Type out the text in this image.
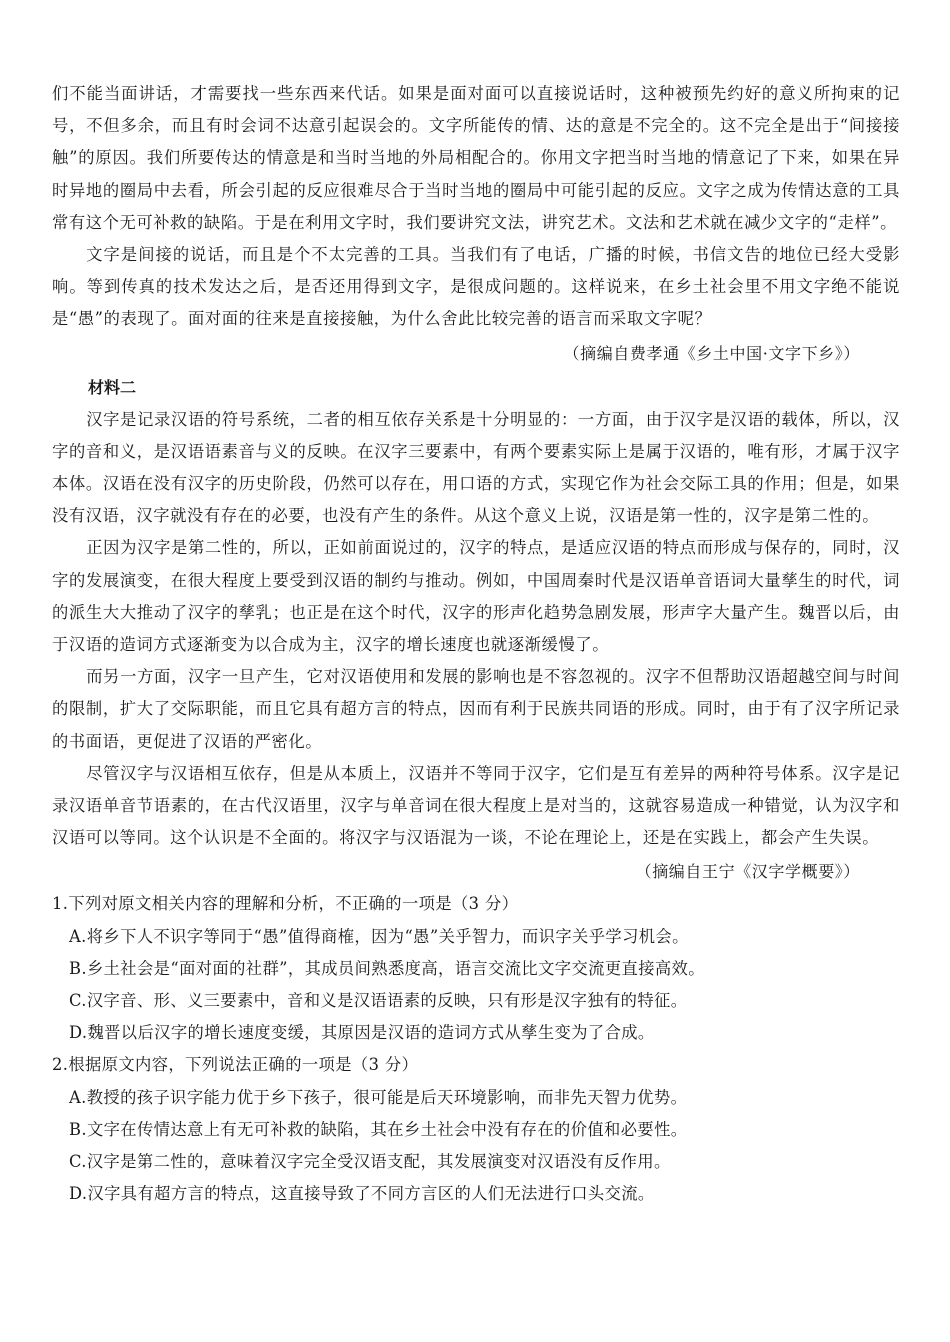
们不能当面讲话，才需要找一些东西来代话。如果是面对面可以直接说话时，这种被预先约好的意义所拘束的记号，不但多余，而且有时会词不达意引起误会的。文字所能传的情、达的意是不完全的。这不完全是出于“间接接触”的原因。我们所要传达的情意是和当时当地的外局相配合的。你用文字把当时当地的情意记了下来，如果在异时异地的圈局中去看，所会引起的反应很难尽合于当时当地的圈局中可能引起的反应。文字之成为传情达意的工具常有这个无可补救的缺陷。于是在利用文字时，我们要讲究文法，讲究艺术。文法和艺术就在减少文字的“走样”。

文字是间接的说话，而且是个不太完善的工具。当我们有了电话，广播的时候，书信文告的地位已经大受影响。等到传真的技术发达之后，是否还用得到文字，是很成问题的。这样说来，在乡土社会里不用文字绝不能说是“愚”的表现了。面对面的往来是直接接触，为什么舍此比较完善的语言而采取文字呢？

（摘编自费孝通《乡土中国·文字下乡》）

材料二

汉字是记录汉语的符号系统，二者的相互依存关系是十分明显的：一方面，由于汉字是汉语的载体，所以，汉字的音和义，是汉语语素音与义的反映。在汉字三要素中，有两个要素实际上是属于汉语的，唯有形，才属于汉字本体。汉语在没有汉字的历史阶段，仍然可以存在，用口语的方式，实现它作为社会交际工具的作用；但是，如果没有汉语，汉字就没有存在的必要，也没有产生的条件。从这个意义上说，汉语是第一性的，汉字是第二性的。

正因为汉字是第二性的，所以，正如前面说过的，汉字的特点，是适应汉语的特点而形成与保存的，同时，汉字的发展演变，在很大程度上要受到汉语的制约与推动。例如，中国周秦时代是汉语单音语词大量孳生的时代，词的派生大大推动了汉字的孳乳；也正是在这个时代，汉字的形声化趋势急剧发展，形声字大量产生。魏晋以后，由于汉语的造词方式逐渐变为以合成为主，汉字的增长速度也就逐渐缓慢了。

而另一方面，汉字一旦产生，它对汉语使用和发展的影响也是不容忽视的。汉字不但帮助汉语超越空间与时间的限制，扩大了交际职能，而且它具有超方言的特点，因而有利于民族共同语的形成。同时，由于有了汉字所记录的书面语，更促进了汉语的严密化。

尽管汉字与汉语相互依存，但是从本质上，汉语并不等同于汉字，它们是互有差异的两种符号体系。汉字是记录汉语单音节语素的，在古代汉语里，汉字与单音词在很大程度上是对当的，这就容易造成一种错觉，认为汉字和汉语可以等同。这个认识是不全面的。将汉字与汉语混为一谈，不论在理论上，还是在实践上，都会产生失误。

（摘编自王宁《汉字学概要》）

1.下列对原文相关内容的理解和分析，不正确的一项是（3 分）
A.将乡下人不识字等同于“愚”值得商榷，因为“愚”关乎智力，而识字关乎学习机会。
B.乡土社会是“面对面的社群”，其成员间熟悉度高，语言交流比文字交流更直接高效。
C.汉字音、形、义三要素中，音和义是汉语语素的反映，只有形是汉字独有的特征。
D.魏晋以后汉字的增长速度变缓，其原因是汉语的造词方式从孳生变为了合成。
2.根据原文内容，下列说法正确的一项是（3 分）
A.教授的孩子识字能力优于乡下孩子，很可能是后天环境影响，而非先天智力优势。
B.文字在传情达意上有无可补救的缺陷，其在乡土社会中没有存在的价值和必要性。
C.汉字是第二性的，意味着汉字完全受汉语支配，其发展演变对汉语没有反作用。
D.汉字具有超方言的特点，这直接导致了不同方言区的人们无法进行口头交流。
